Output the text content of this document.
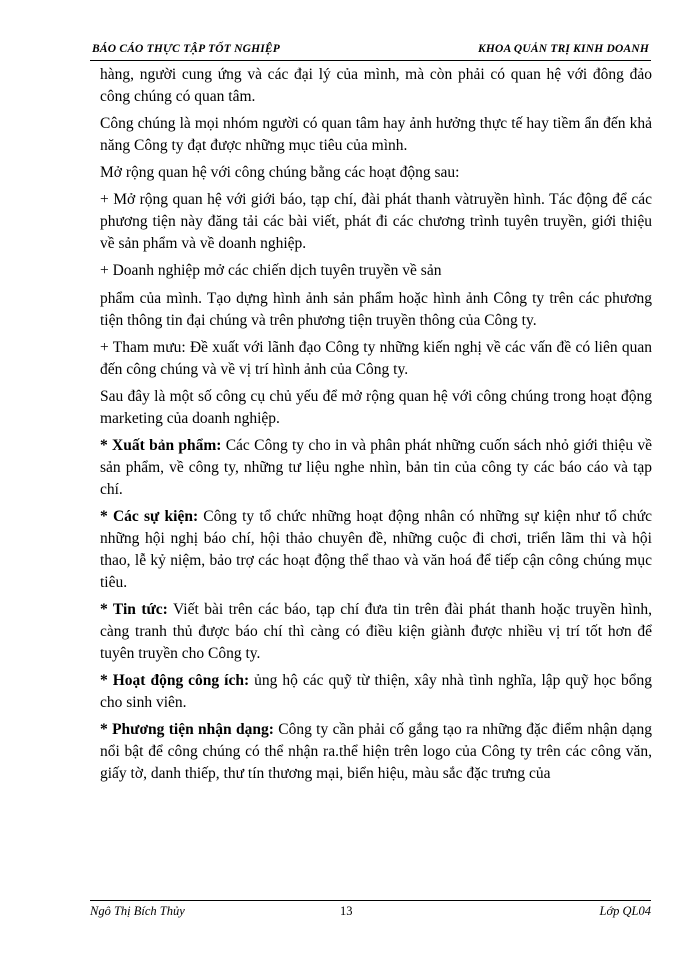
BÁO CÁO THỰC TẬP TỐT NGHIỆP	KHOA QUẢN TRỊ KINH DOANH

hàng, người cung ứng và các đại lý của mình, mà còn phải có quan hệ với đông đảo công chúng có quan tâm.

Công chúng là mọi nhóm người có quan tâm hay ảnh hưởng thực tế hay tiềm ẩn đến khả năng Công ty đạt được những mục tiêu của mình.

Mở rộng quan hệ với công chúng bằng các hoạt động sau:

+ Mở rộng quan hệ với giới báo, tạp chí, đài phát thanh vàtruyền hình. Tác động để các phương tiện này đăng tải các bài viết, phát đi các chương trình tuyên truyền, giới thiệu về sản phẩm và về doanh nghiệp.

+ Doanh nghiệp mở các chiến dịch tuyên truyền về sản

phẩm của mình. Tạo dựng hình ảnh sản phẩm hoặc hình ảnh Công ty trên các phương tiện thông tin đại chúng và trên phương tiện truyền thông của Công ty.

+ Tham mưu: Đề xuất với lãnh đạo Công ty những kiến nghị về các vấn đề có liên quan đến công chúng và về vị trí hình ảnh của Công ty.

Sau đây là một số công cụ chủ yếu để mở rộng quan hệ với công chúng trong hoạt động marketing của doanh nghiệp.

* Xuất bản phẩm: Các Công ty cho in và phân phát những cuốn sách nhỏ giới thiệu về sản phẩm, về công ty, những tư liệu nghe nhìn, bản tin của công ty các báo cáo và tạp chí.

* Các sự kiện: Công ty tổ chức những hoạt động nhân có những sự kiện như tổ chức những hội nghị báo chí, hội thảo chuyên đề, những cuộc đi chơi, triển lãm thi và hội thao, lễ kỷ niệm, bảo trợ các hoạt động thể thao và văn hoá để tiếp cận công chúng mục tiêu.

* Tin tức: Viết bài trên các báo, tạp chí đưa tin trên đài phát thanh hoặc truyền hình, càng tranh thủ được báo chí thì càng có điều kiện giành được nhiều vị trí tốt hơn để tuyên truyền cho Công ty.

* Hoạt động công ích: ủng hộ các quỹ từ thiện, xây nhà tình nghĩa, lập quỹ học bổng cho sinh viên.

* Phương tiện nhận dạng: Công ty cần phải cố gắng tạo ra những đặc điểm nhận dạng nổi bật để công chúng có thể nhận ra.thể hiện trên logo của Công ty trên các công văn, giấy tờ, danh thiếp, thư tín thương mại, biển hiệu, màu sắc đặc trưng của

Ngô Thị Bích Thủy	13	Lớp QL04
